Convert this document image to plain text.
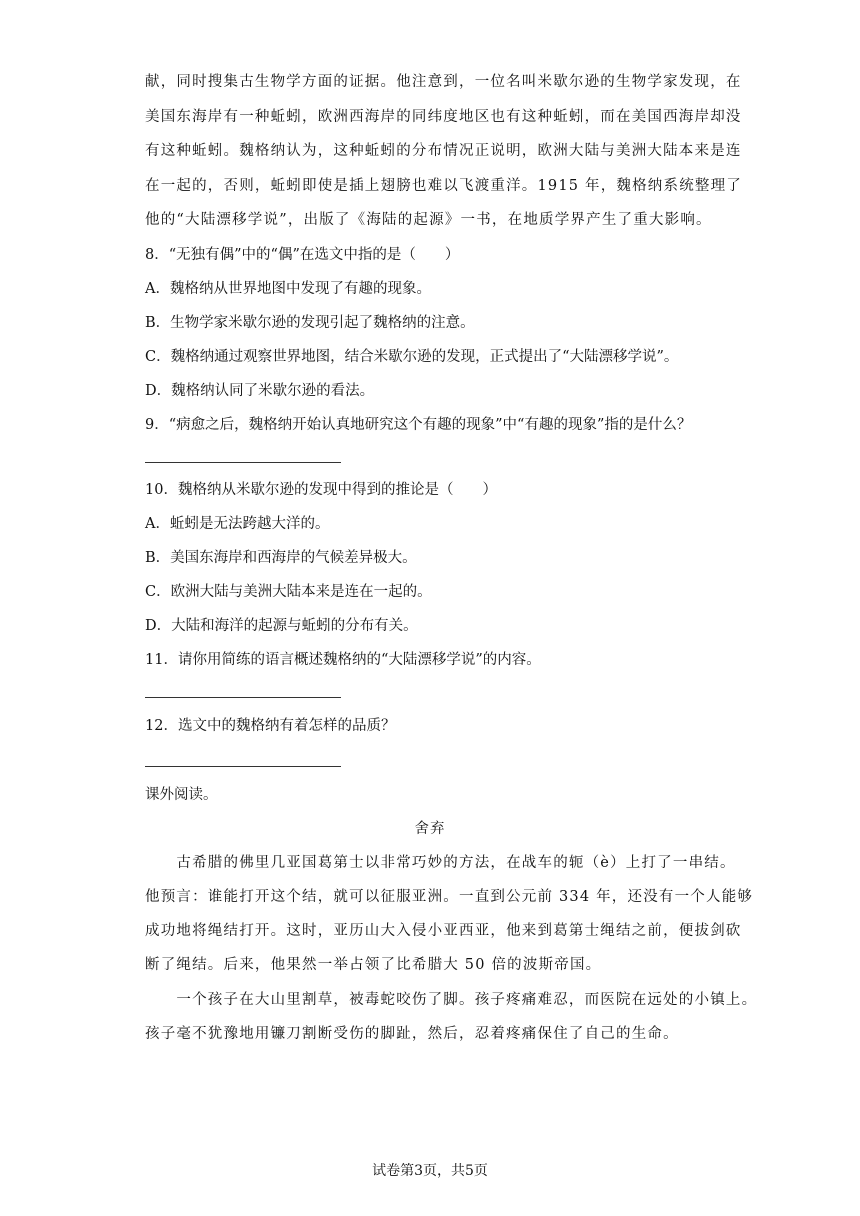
献，同时搜集古生物学方面的证据。他注意到，一位名叫米歇尔逊的生物学家发现，在
美国东海岸有一种蚯蚓，欧洲西海岸的同纬度地区也有这种蚯蚓，而在美国西海岸却没
有这种蚯蚓。魏格纳认为，这种蚯蚓的分布情况正说明，欧洲大陆与美洲大陆本来是连
在一起的，否则，蚯蚓即使是插上翅膀也难以飞渡重洋。1915 年，魏格纳系统整理了
他的“大陆漂移学说”，出版了《海陆的起源》一书，在地质学界产生了重大影响。
8．“无独有偶”中的“偶”在选文中指的是（　　）
A．魏格纳从世界地图中发现了有趣的现象。
B．生物学家米歇尔逊的发现引起了魏格纳的注意。
C．魏格纳通过观察世界地图，结合米歇尔逊的发现，正式提出了“大陆漂移学说”。
D．魏格纳认同了米歇尔逊的看法。
9．“病愈之后，魏格纳开始认真地研究这个有趣的现象”中“有趣的现象”指的是什么？
10．魏格纳从米歇尔逊的发现中得到的推论是（　　）
A．蚯蚓是无法跨越大洋的。
B．美国东海岸和西海岸的气候差异极大。
C．欧洲大陆与美洲大陆本来是连在一起的。
D．大陆和海洋的起源与蚯蚓的分布有关。
11．请你用简练的语言概述魏格纳的“大陆漂移学说”的内容。
12．选文中的魏格纳有着怎样的品质？
课外阅读。
舍弃
　　古希腊的佛里几亚国葛第士以非常巧妙的方法，在战车的轭（è）上打了一串结。
他预言：谁能打开这个结，就可以征服亚洲。一直到公元前 334 年，还没有一个人能够
成功地将绳结打开。这时，亚历山大入侵小亚西亚，他来到葛第士绳结之前，便拔剑砍
断了绳结。后来，他果然一举占领了比希腊大 50 倍的波斯帝国。
　　一个孩子在大山里割草，被毒蛇咬伤了脚。孩子疼痛难忍，而医院在远处的小镇上。
孩子毫不犹豫地用镰刀割断受伤的脚趾，然后，忍着疼痛保住了自己的生命。
试卷第3页，共5页
